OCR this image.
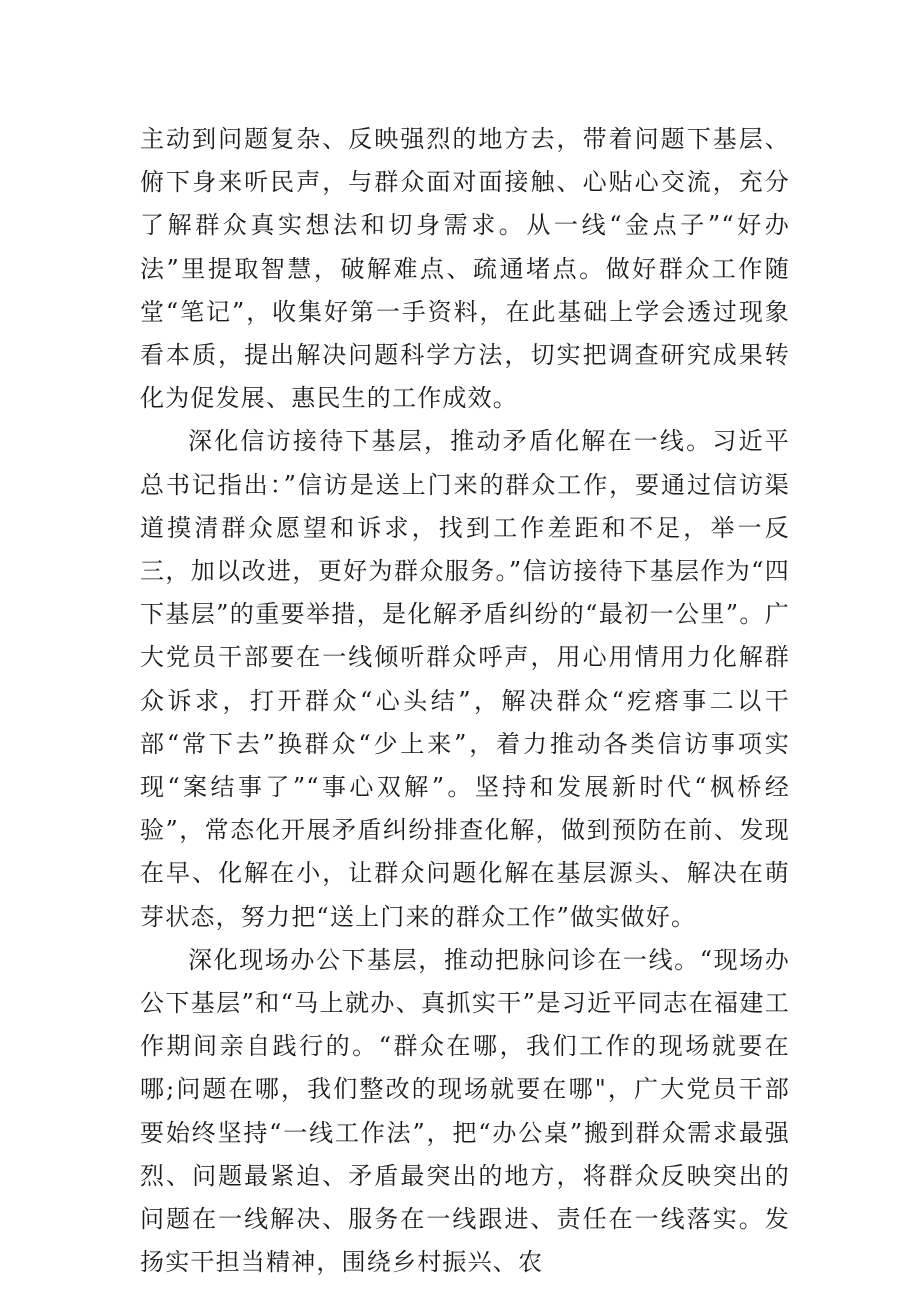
主动到问题复杂、反映强烈的地方去，带着问题下基层、俯下身来听民声，与群众面对面接触、心贴心交流，充分了解群众真实想法和切身需求。从一线“金点子”“好办法”里提取智慧，破解难点、疏通堵点。做好群众工作随堂“笔记”，收集好第一手资料，在此基础上学会透过现象看本质，提出解决问题科学方法，切实把调查研究成果转化为促发展、惠民生的工作成效。

深化信访接待下基层，推动矛盾化解在一线。习近平总书记指出：”信访是送上门来的群众工作，要通过信访渠道摸清群众愿望和诉求，找到工作差距和不足，举一反三，加以改进，更好为群众服务。”信访接待下基层作为“四下基层”的重要举措，是化解矛盾纠纷的“最初一公里”。广大党员干部要在一线倾听群众呼声，用心用情用力化解群众诉求，打开群众“心头结”，解决群众“疙瘩事二以干部“常下去”换群众“少上来”，着力推动各类信访事项实现“案结事了”“事心双解”。坚持和发展新时代“枫桥经验”，常态化开展矛盾纠纷排查化解，做到预防在前、发现在早、化解在小，让群众问题化解在基层源头、解决在萌芽状态，努力把“送上门来的群众工作”做实做好。

深化现场办公下基层，推动把脉问诊在一线。“现场办公下基层”和“马上就办、真抓实干”是习近平同志在福建工作期间亲自践行的。“群众在哪，我们工作的现场就要在哪;问题在哪，我们整改的现场就要在哪"，广大党员干部要始终坚持“一线工作法”，把“办公桌”搬到群众需求最强烈、问题最紧迫、矛盾最突出的地方，将群众反映突出的问题在一线解决、服务在一线跟进、责任在一线落实。发扬实干担当精神，围绕乡村振兴、农
